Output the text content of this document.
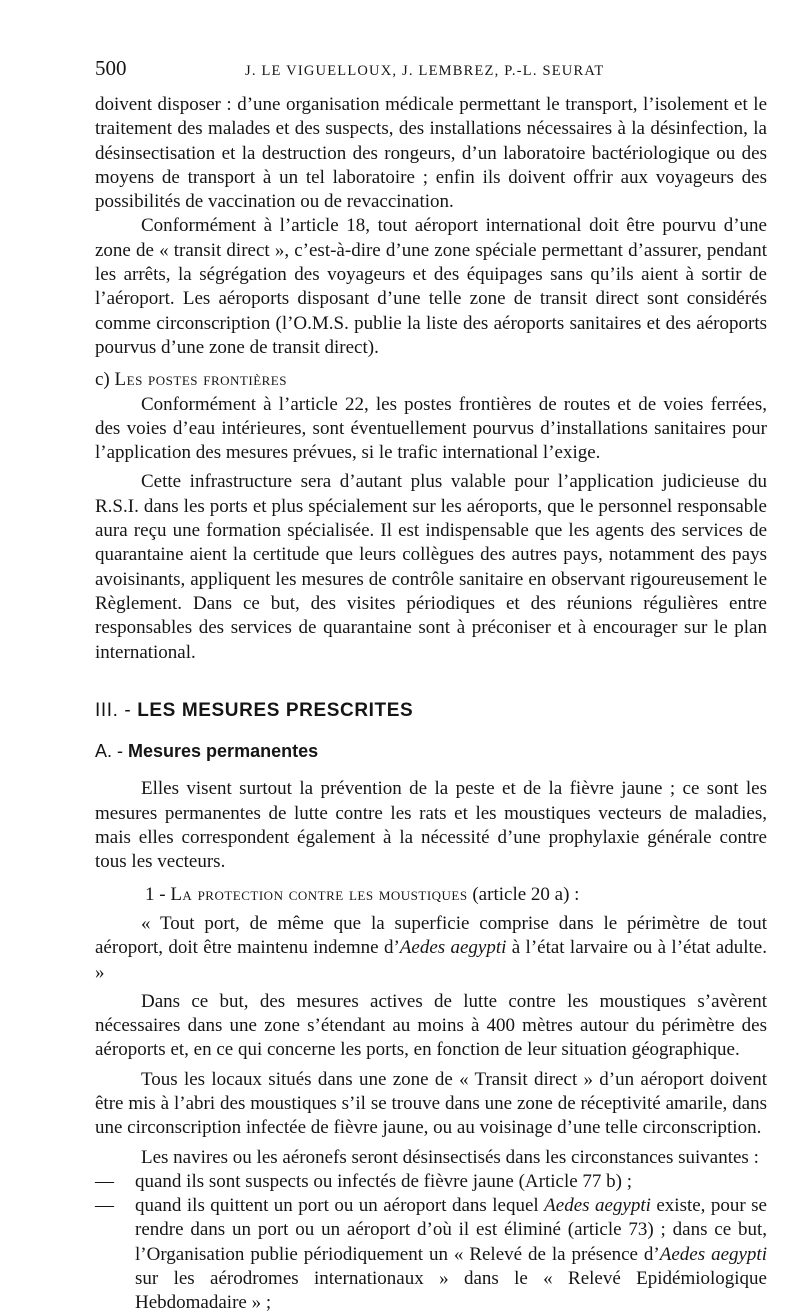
500	J. LE VIGUELLOUX, J. LEMBREZ, P.-L. SEURAT

doivent disposer : d’une organisation médicale permettant le transport, l’isolement et le traitement des malades et des suspects, des installations nécessaires à la désinfection, la désinsectisation et la destruction des rongeurs, d’un laboratoire bactériologique ou des moyens de transport à un tel laboratoire ; enfin ils doivent offrir aux voyageurs des possibilités de vaccination ou de revaccination.

Conformément à l’article 18, tout aéroport international doit être pourvu d’une zone de « transit direct », c’est-à-dire d’une zone spéciale permettant d’assurer, pendant les arrêts, la ségrégation des voyageurs et des équipages sans qu’ils aient à sortir de l’aéroport. Les aéroports disposant d’une telle zone de transit direct sont considérés comme circonscription (l’O.M.S. publie la liste des aéroports sanitaires et des aéroports pourvus d’une zone de transit direct).

c) Les postes frontières

Conformément à l’article 22, les postes frontières de routes et de voies ferrées, des voies d’eau intérieures, sont éventuellement pourvus d’installations sanitaires pour l’application des mesures prévues, si le trafic international l’exige.

Cette infrastructure sera d’autant plus valable pour l’application judicieuse du R.S.I. dans les ports et plus spécialement sur les aéroports, que le personnel responsable aura reçu une formation spécialisée. Il est indispensable que les agents des services de quarantaine aient la certitude que leurs collègues des autres pays, notamment des pays avoisinants, appliquent les mesures de contrôle sanitaire en observant rigoureusement le Règlement. Dans ce but, des visites périodiques et des réunions régulières entre responsables des services de quarantaine sont à préconiser et à encourager sur le plan international.

III. - LES MESURES PRESCRITES

A. - Mesures permanentes

Elles visent surtout la prévention de la peste et de la fièvre jaune ; ce sont les mesures permanentes de lutte contre les rats et les moustiques vecteurs de maladies, mais elles correspondent également à la nécessité d’une prophylaxie générale contre tous les vecteurs.

1 - La protection contre les moustiques (article 20 a) :

« Tout port, de même que la superficie comprise dans le périmètre de tout aéroport, doit être maintenu indemne d’Aedes aegypti à l’état larvaire ou à l’état adulte. »

Dans ce but, des mesures actives de lutte contre les moustiques s’avèrent nécessaires dans une zone s’étendant au moins à 400 mètres autour du périmètre des aéroports et, en ce qui concerne les ports, en fonction de leur situation géographique.

Tous les locaux situés dans une zone de « Transit direct » d’un aéroport doivent être mis à l’abri des moustiques s’il se trouve dans une zone de réceptivité amarile, dans une circonscription infectée de fièvre jaune, ou au voisinage d’une telle circonscription.

Les navires ou les aéronefs seront désinsectisés dans les circonstances suivantes :

— quand ils sont suspects ou infectés de fièvre jaune (Article 77 b) ;

— quand ils quittent un port ou un aéroport dans lequel Aedes aegypti existe, pour se rendre dans un port ou un aéroport d’où il est éliminé (article 73) ; dans ce but, l’Organisation publie périodiquement un « Relevé de la présence d’Aedes aegypti sur les aérodromes internationaux » dans le « Relevé Epidémiologique Hebdomadaire » ;
